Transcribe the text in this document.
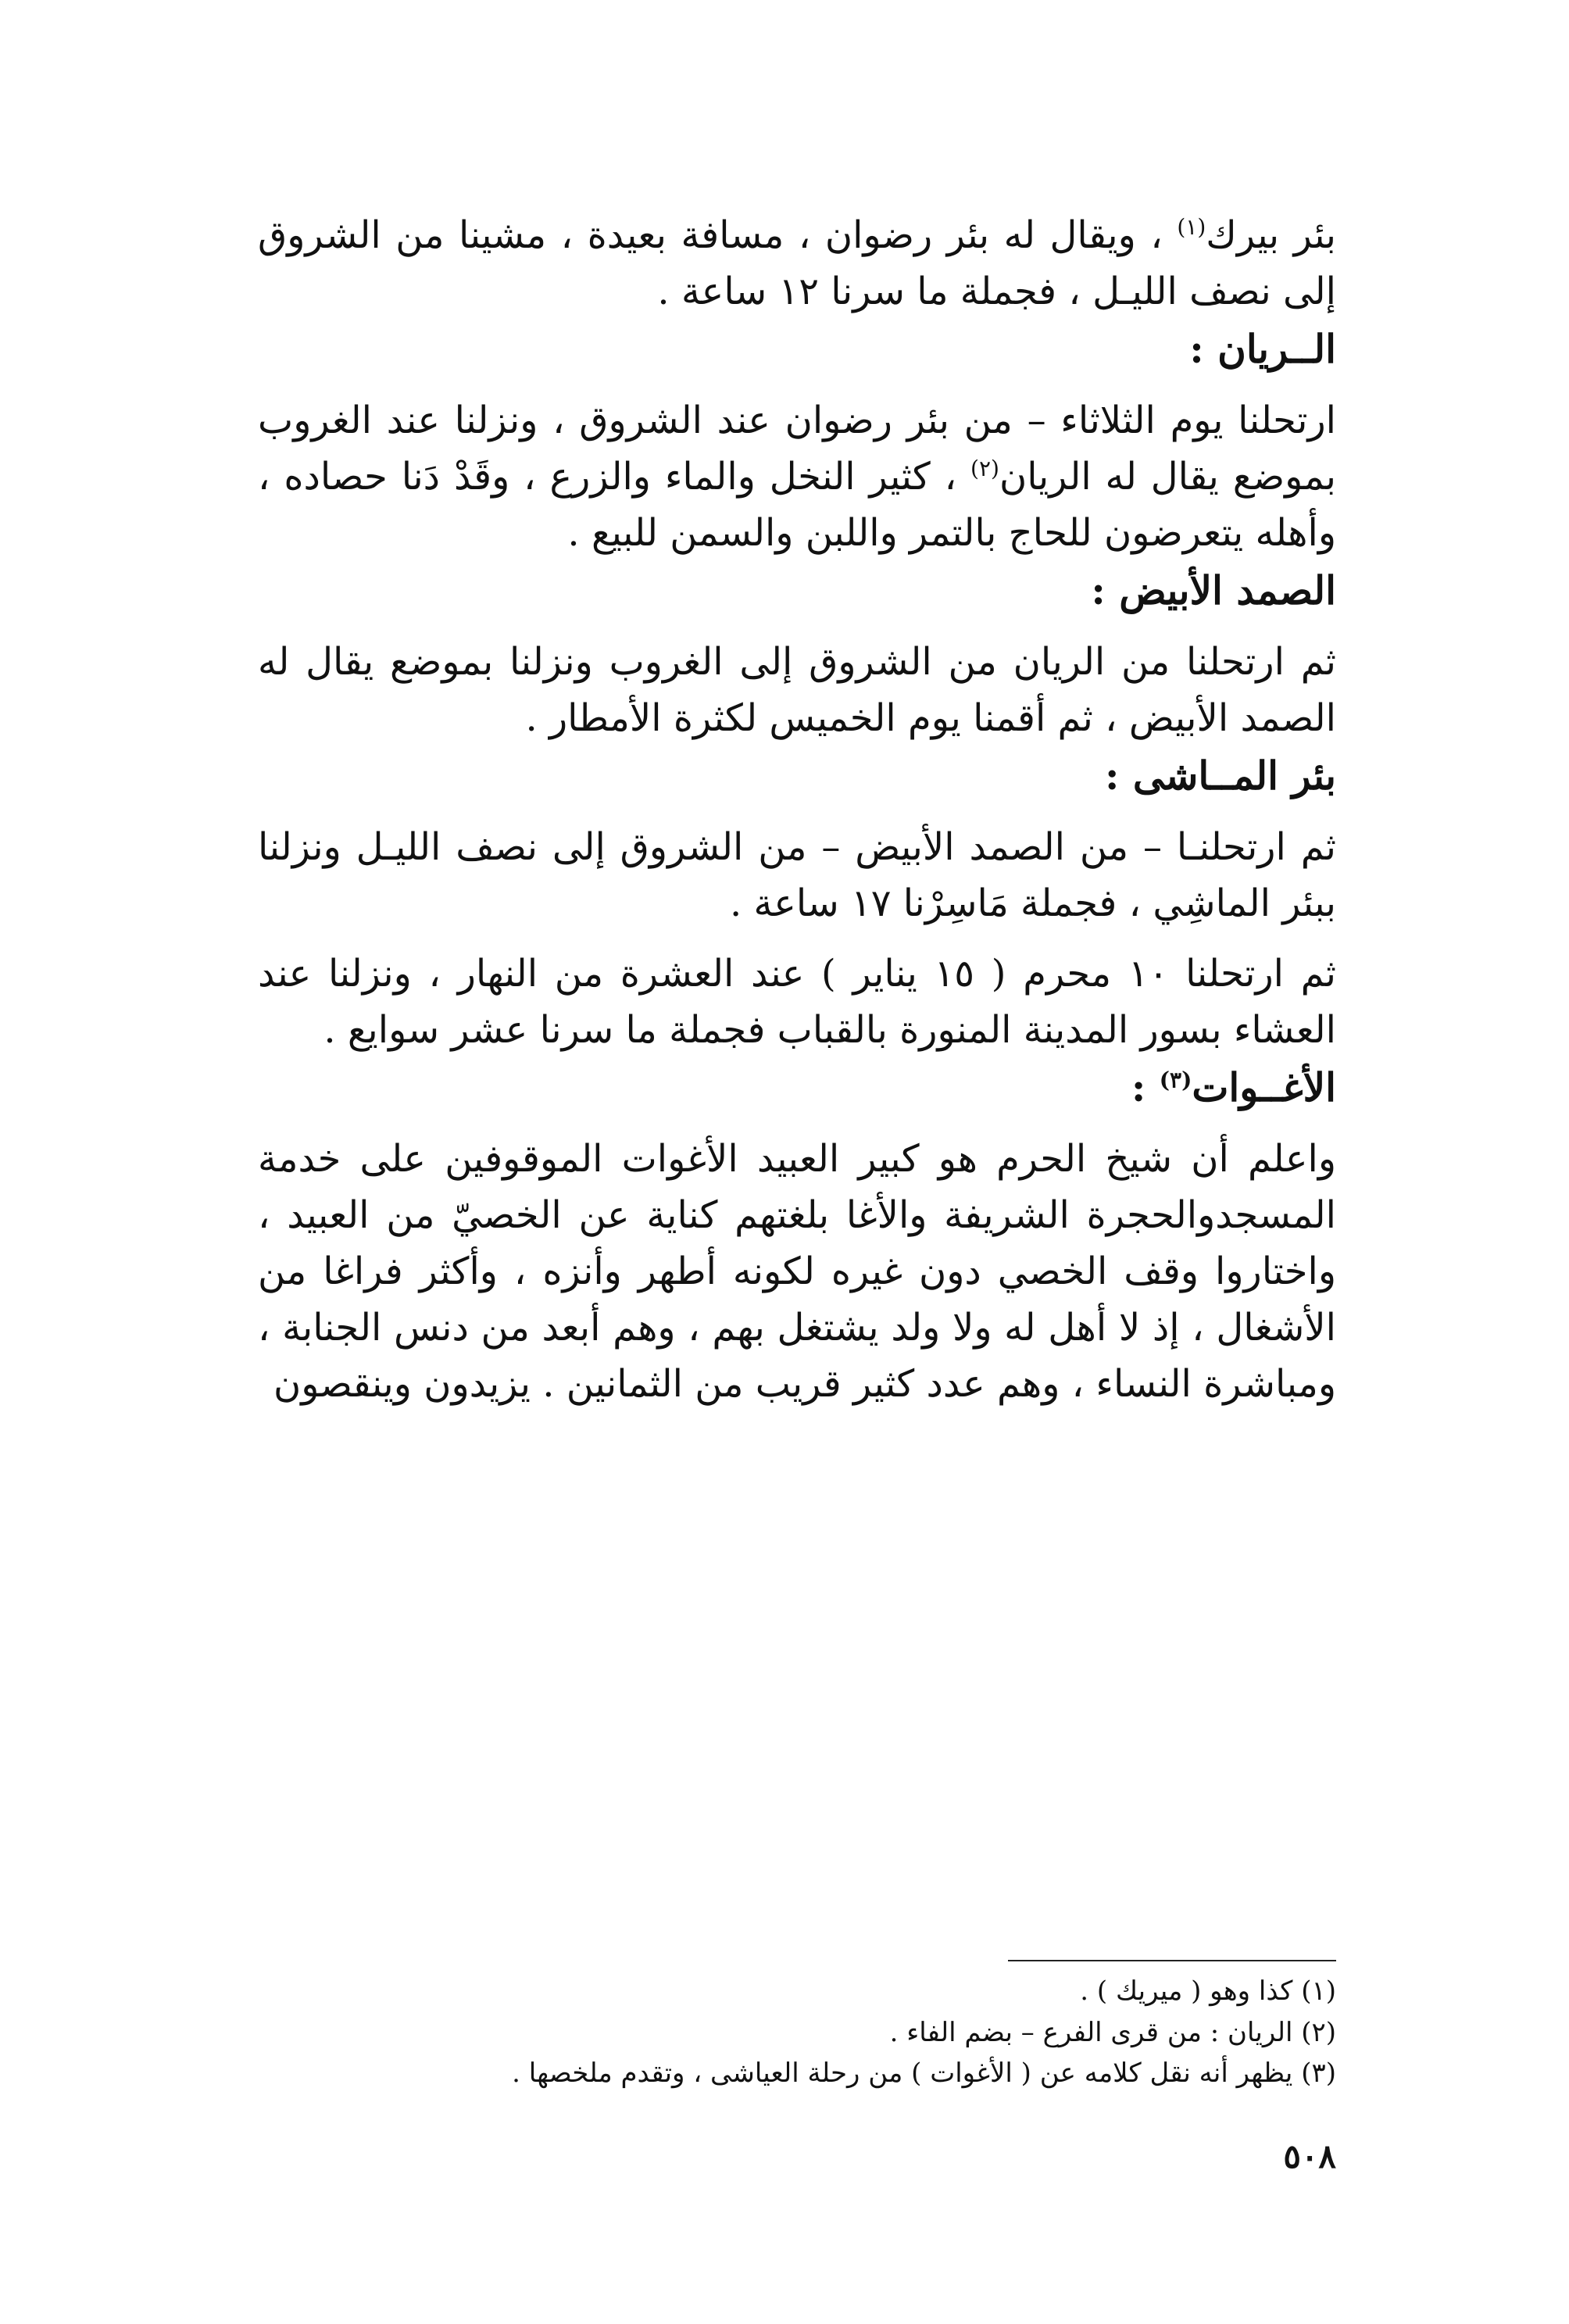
بئر بيرك$^{(١)}$ ، ويقال له بئر رضوان ، مسافة بعيدة ، مشينا من الشروق إلى نصف الليـل ، فجملة ما سرنا ١٢ ساعة .

الــريان :

ارتحلنا يوم الثلاثاء – من بئر رضوان عند الشروق ، ونزلنا عند الغروب بموضع يقال له الريان$^{(٢)}$ ، كثير النخل والماء والزرع ، وقَدْ دَنا حصاده ، وأهله يتعرضون للحاج بالتمر واللبن والسمن للبيع .

الصمد الأبيض :

ثم ارتحلنا من الريان من الشروق إلى الغروب ونزلنا بموضع يقال له الصمد الأبيض ، ثم أقمنا يوم الخميس لكثرة الأمطار .

بئر المــاشى :

ثم ارتحلنـا – من الصمد الأبيض – من الشروق إلى نصف الليـل ونزلنا ببئر الماشِي ، فجملة مَاسِرْنا ١٧ ساعة .

ثم ارتحلنا ١٠ محرم ( ١٥ يناير ) عند العشرة من النهار ، ونزلنا عند العشاء بسور المدينة المنورة بالقباب فجملة ما سرنا عشر سوايع .

الأغــوات$^{(٣)}$ :

واعلم أن شيخ الحرم هو كبير العبيد الأغوات الموقوفين على خدمة المسجدوالحجرة الشريفة والأغا بلغتهم كناية عن الخصيّ من العبيد ، واختاروا وقف الخصي دون غيره لكونه أطهر وأنزه ، وأكثر فراغا من الأشغال ، إذ لا أهل له ولا ولد يشتغل بهم ، وهم أبعد من دنس الجنابة ، ومباشرة النساء ، وهم عدد كثير قريب من الثمانين . يزيدون وينقصون

(١) كذا وهو ( ميريك ) .

(٢) الريان : من قرى الفرع – بضم الفاء .

(٣) يظهر أنه نقل كلامه عن ( الأغوات ) من رحلة العياشى ، وتقدم ملخصها .

٥٠٨
